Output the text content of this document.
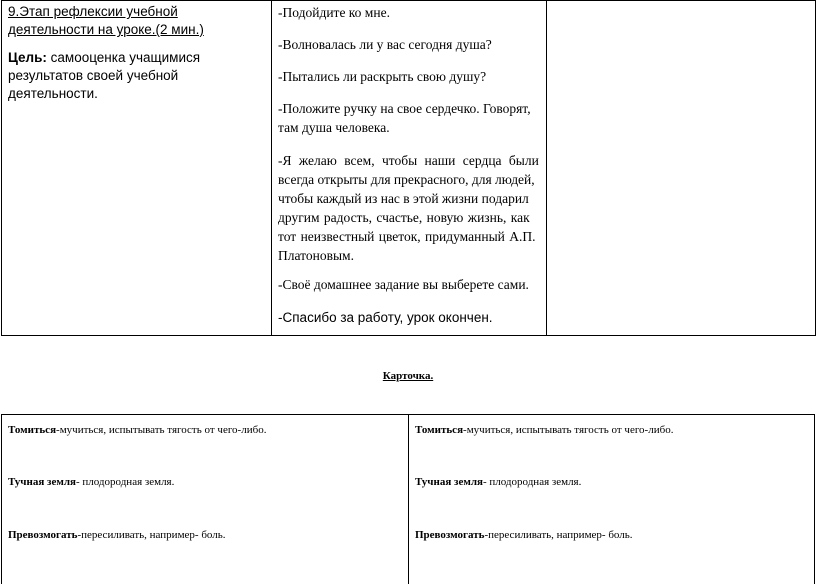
9.Этап рефлексии учебной деятельности на уроке.(2 мин.)
Цель: самооценка учащимися результатов своей учебной деятельности.
-Подойдите ко мне.
-Волновалась ли у вас сегодня душа?
-Пытались ли раскрыть свою душу?
-Положите ручку на свое сердечко. Говорят,
там душа человека.
-Я желаю всем, чтобы наши сердца были
всегда открыты для прекрасного, для людей,
чтобы каждый из нас в этой жизни подарил
другим радость, счастье, новую жизнь, как
тот неизвестный цветок, придуманный А.П.
Платоновым.
-Своё домашнее задание вы выберете сами.
-Спасибо за работу, урок окончен.
Карточка.
Томиться-мучиться, испытывать тягость от чего-либо.
Тучная земля- плодородная земля.
Превозмогать-пересиливать, например- боль.
Томиться-мучиться, испытывать тягость от чего-либо.
Тучная земля- плодородная земля.
Превозмогать-пересиливать, например- боль.
